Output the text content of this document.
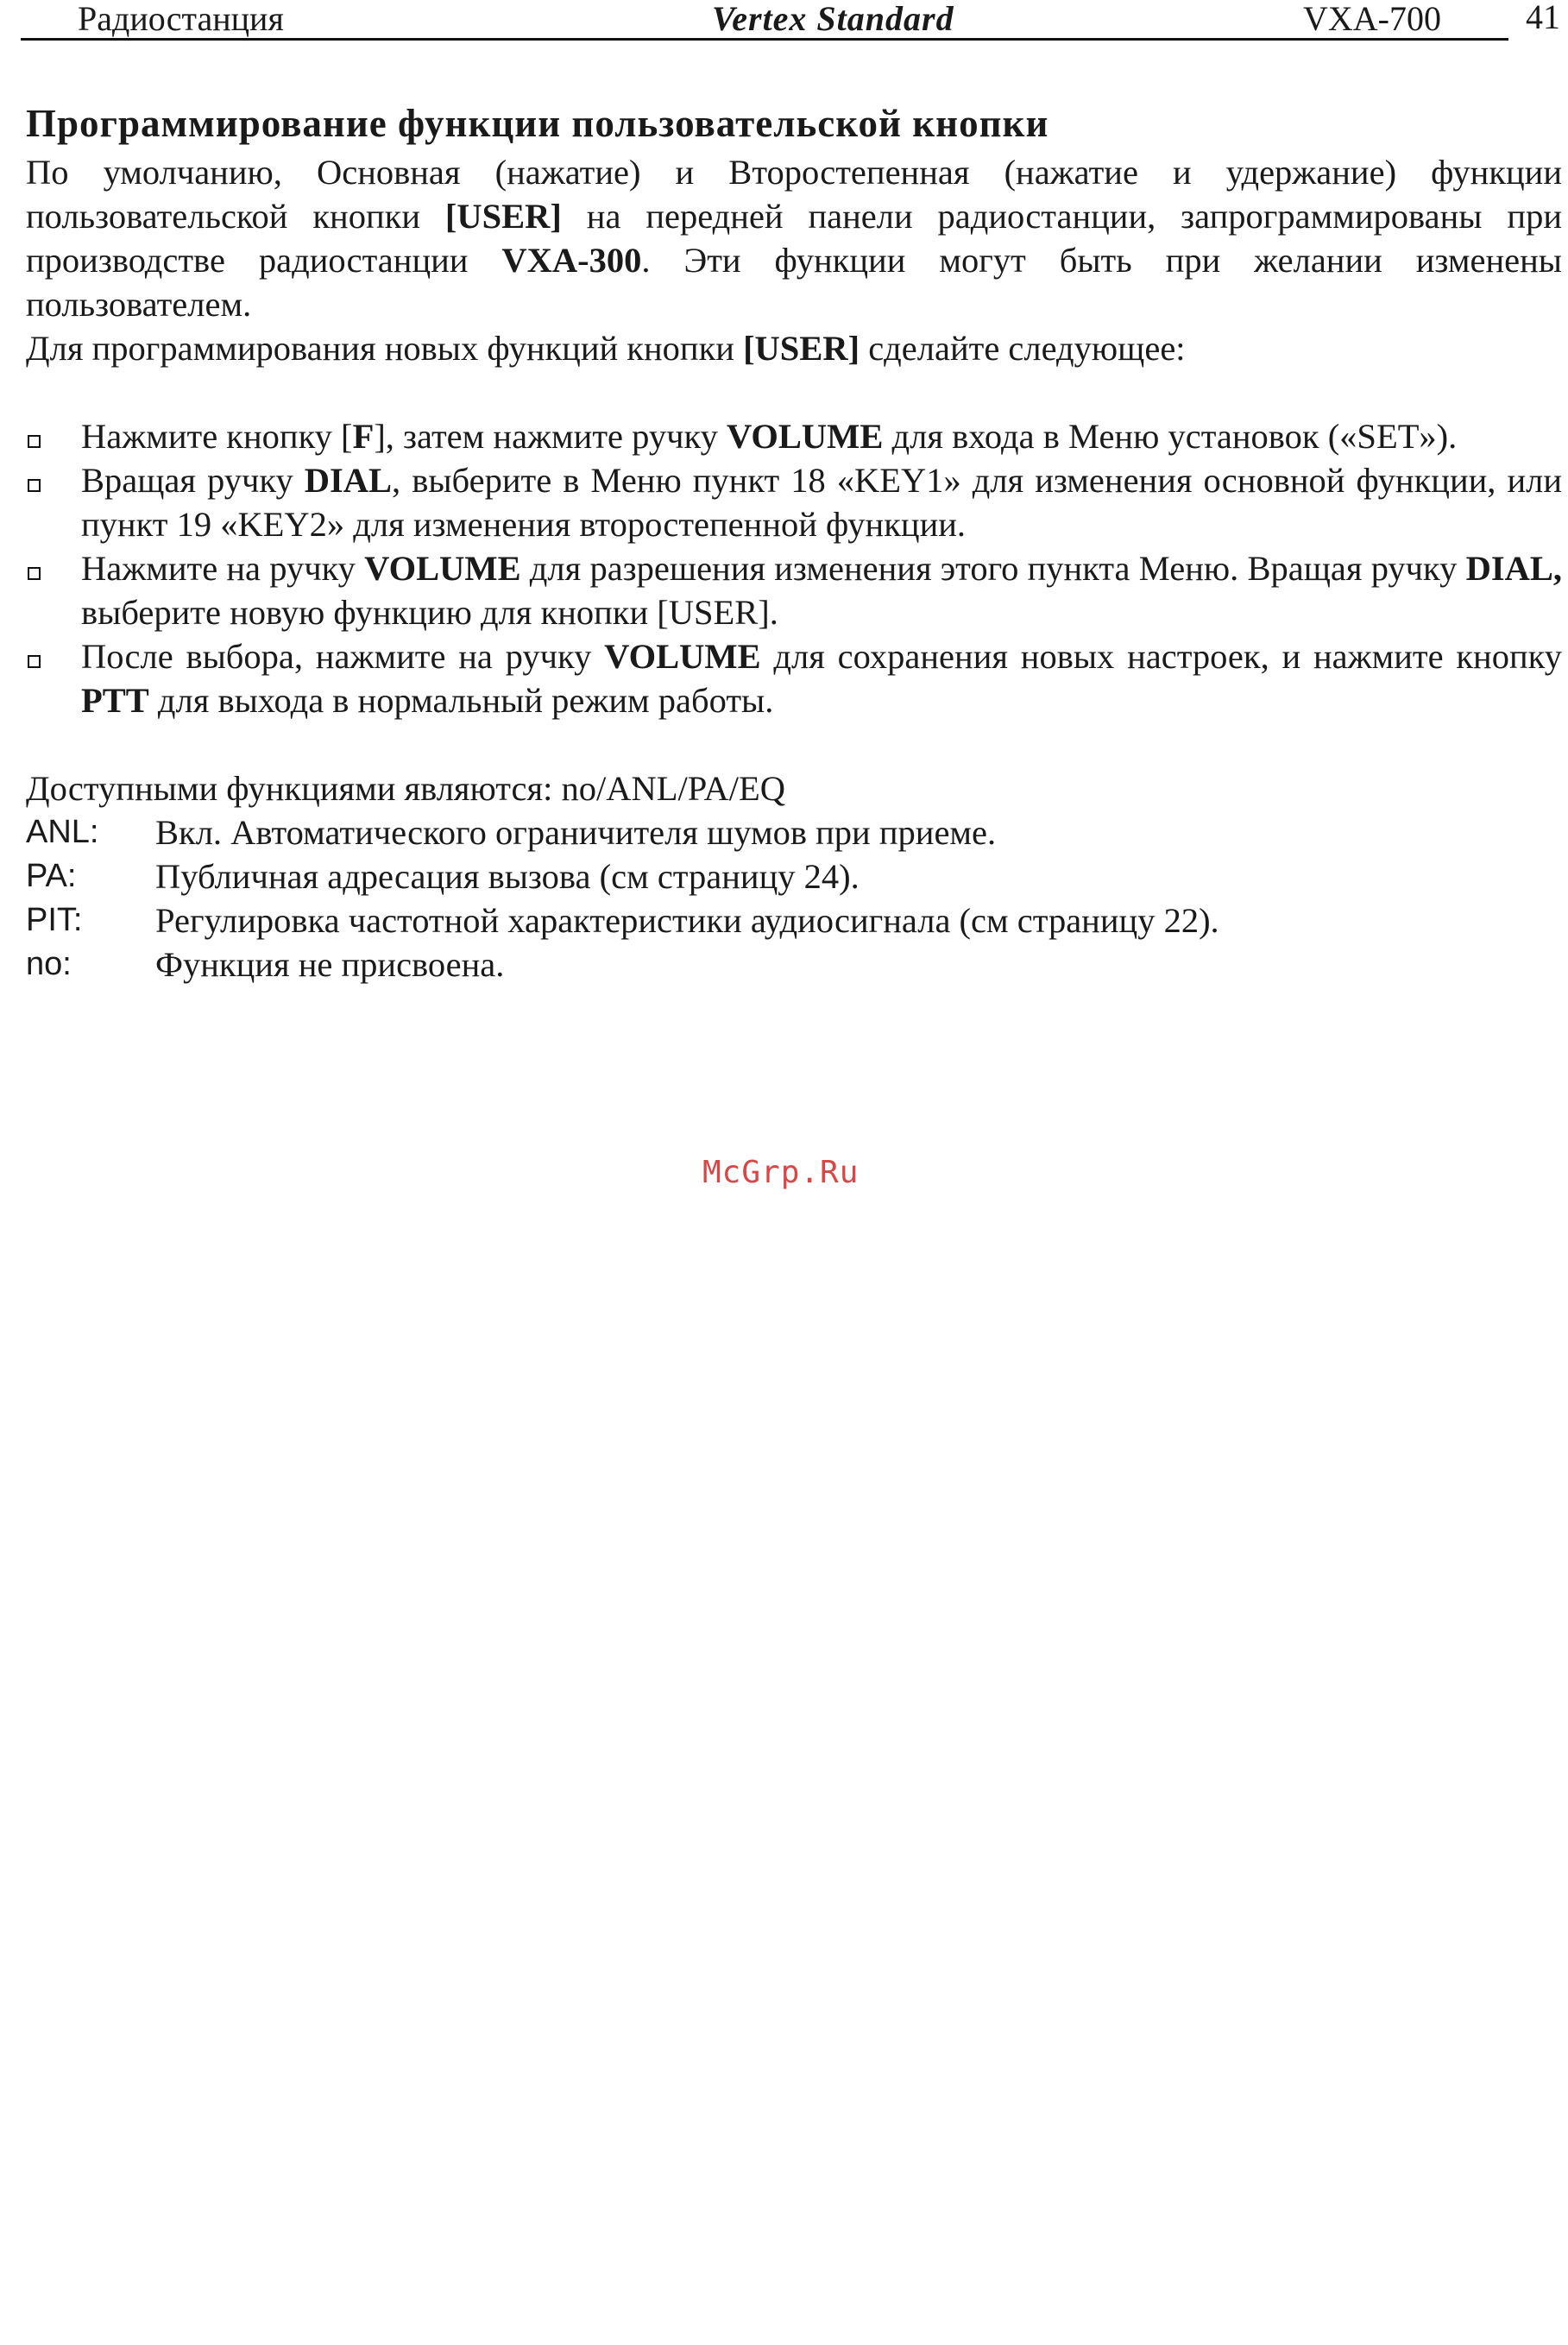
Радиостанция	Vertex Standard	VXA-700 41
Программирование функции пользовательской кнопки

По умолчанию, Основная (нажатие) и Второстепенная (нажатие и удержание) функции пользовательской кнопки [USER] на передней панели радиостанции, запрограммированы при производстве радиостанции VXA-300. Эти функции могут быть при желании изменены пользователем.

Для программирования новых функций кнопки [USER] сделайте следующее:

Нажмите кнопку [F], затем нажмите ручку VOLUME для входа в Меню установок («SET»).
Вращая ручку DIAL, выберите в Меню пункт 18 «KEY1» для изменения основной функции, или пункт 19 «KEY2» для изменения второстепенной функции.
Нажмите на ручку VOLUME для разрешения изменения этого пункта Меню. Вращая ручку DIAL, выберите новую функцию для кнопки [USER].
После выбора, нажмите на ручку VOLUME для сохранения новых настроек, и нажмите кнопку PTT для выхода в нормальный режим работы.

Доступными функциями являются: no/ANL/PA/EQ

ANL:	Вкл. Автоматического ограничителя шумов при приеме.
PA:	Публичная адресация вызова (см страницу 24).
PIT:	Регулировка частотной характеристики аудиосигнала (см страницу 22).
no:	Функция не присвоена.
McGrp.Ru
